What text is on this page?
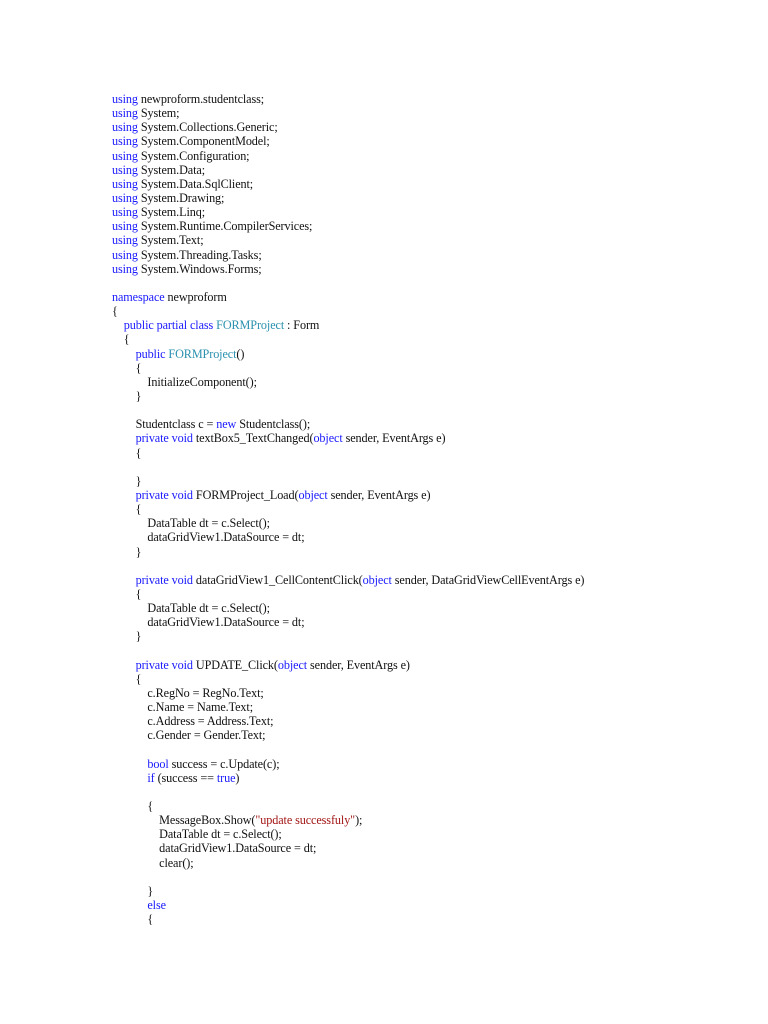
using newproform.studentclass;
using System;
using System.Collections.Generic;
using System.ComponentModel;
using System.Configuration;
using System.Data;
using System.Data.SqlClient;
using System.Drawing;
using System.Linq;
using System.Runtime.CompilerServices;
using System.Text;
using System.Threading.Tasks;
using System.Windows.Forms;
namespace newproform
{
public partial class FORMProject : Form
{
public FORMProject()
{
InitializeComponent();
}
Studentclass c = new Studentclass();
private void textBox5_TextChanged(object sender, EventArgs e)
{
}
private void FORMProject_Load(object sender, EventArgs e)
{
DataTable dt = c.Select();
dataGridView1.DataSource = dt;
}
private void dataGridView1_CellContentClick(object sender, DataGridViewCellEventArgs e)
{
DataTable dt = c.Select();
dataGridView1.DataSource = dt;
}
private void UPDATE_Click(object sender, EventArgs e)
{
c.RegNo = RegNo.Text;
c.Name = Name.Text;
c.Address = Address.Text;
c.Gender = Gender.Text;
bool success = c.Update(c);
if (success == true)
{
MessageBox.Show("update successfuly");
DataTable dt = c.Select();
dataGridView1.DataSource = dt;
clear();
}
else
{
